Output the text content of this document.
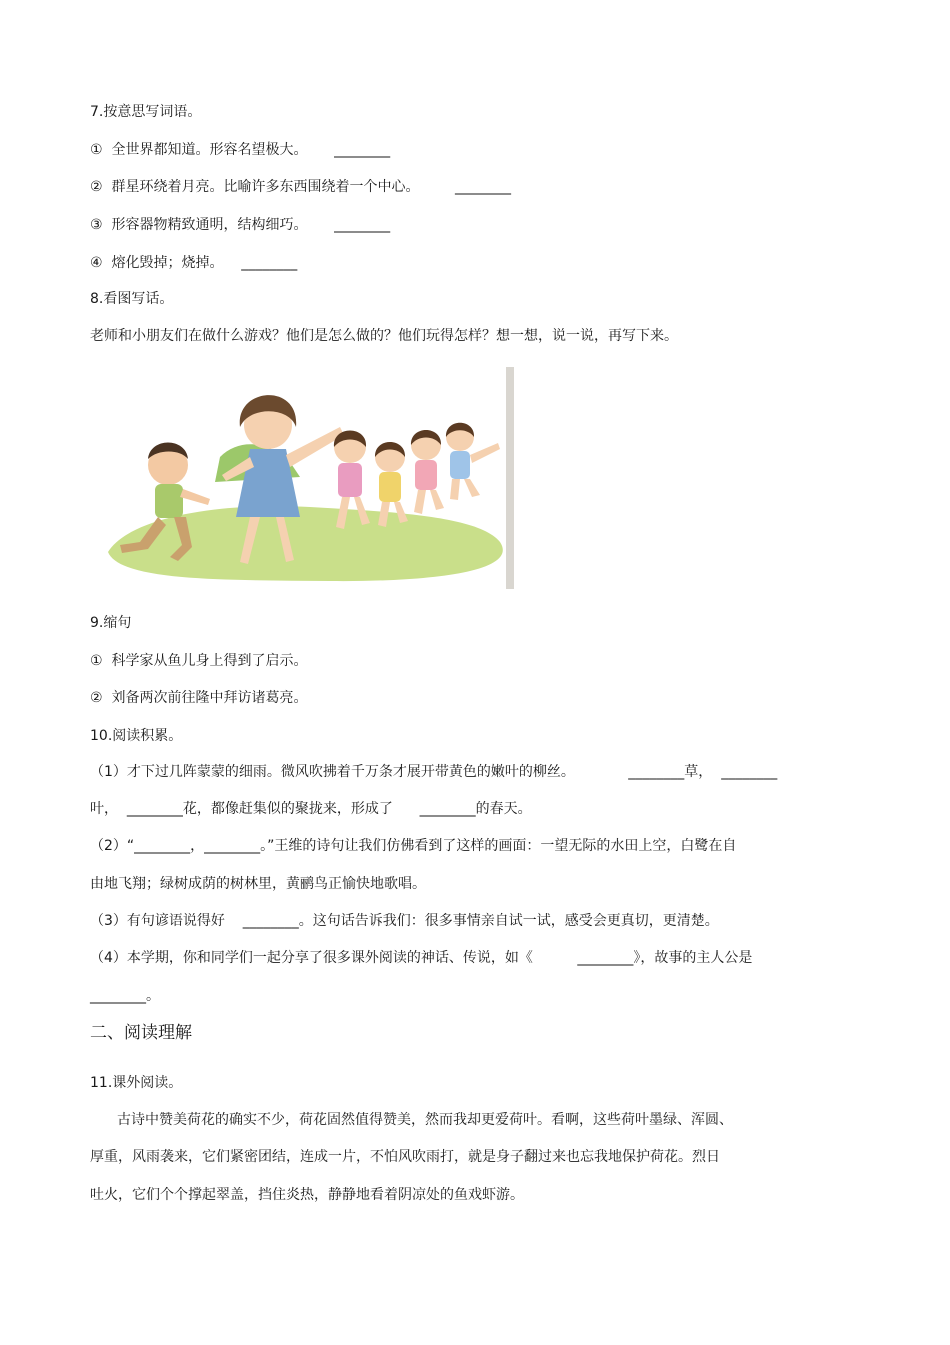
7.按意思写词语。
①  全世界都知道。形容名望极大。      ________
②  群星环绕着月亮。比喻许多东西围绕着一个中心。        ________
③  形容器物精致通明，结构细巧。      ________
④  熔化毁掉；烧掉。    ________
8.看图写话。
老师和小朋友们在做什么游戏？他们是怎么做的？他们玩得怎样？想一想，说一说，再写下来。
9.缩句
①  科学家从鱼儿身上得到了启示。
②  刘备两次前往隆中拜访诸葛亮。
10.阅读积累。
（1）才下过几阵蒙蒙的细雨。微风吹拂着千万条才展开带黄色的嫩叶的柳丝。            ________草，  ________
叶，  ________花，都像赶集似的聚拢来，形成了      ________的春天。
（2）“________，________。”王维的诗句让我们仿佛看到了这样的画面：一望无际的水田上空，白鹭在自
由地飞翔；绿树成荫的树林里，黄鹂鸟正愉快地歌唱。
（3）有句谚语说得好    ________。这句话告诉我们：很多事情亲自试一试，感受会更真切，更清楚。
（4）本学期，你和同学们一起分享了很多课外阅读的神话、传说，如《          ________》，故事的主人公是
________。
二、阅读理解
11.课外阅读。
古诗中赞美荷花的确实不少，荷花固然值得赞美，然而我却更爱荷叶。看啊，这些荷叶墨绿、浑圆、
厚重，风雨袭来，它们紧密团结，连成一片，不怕风吹雨打，就是身子翻过来也忘我地保护荷花。烈日
吐火，它们个个撑起翠盖，挡住炎热，静静地看着阴凉处的鱼戏虾游。
